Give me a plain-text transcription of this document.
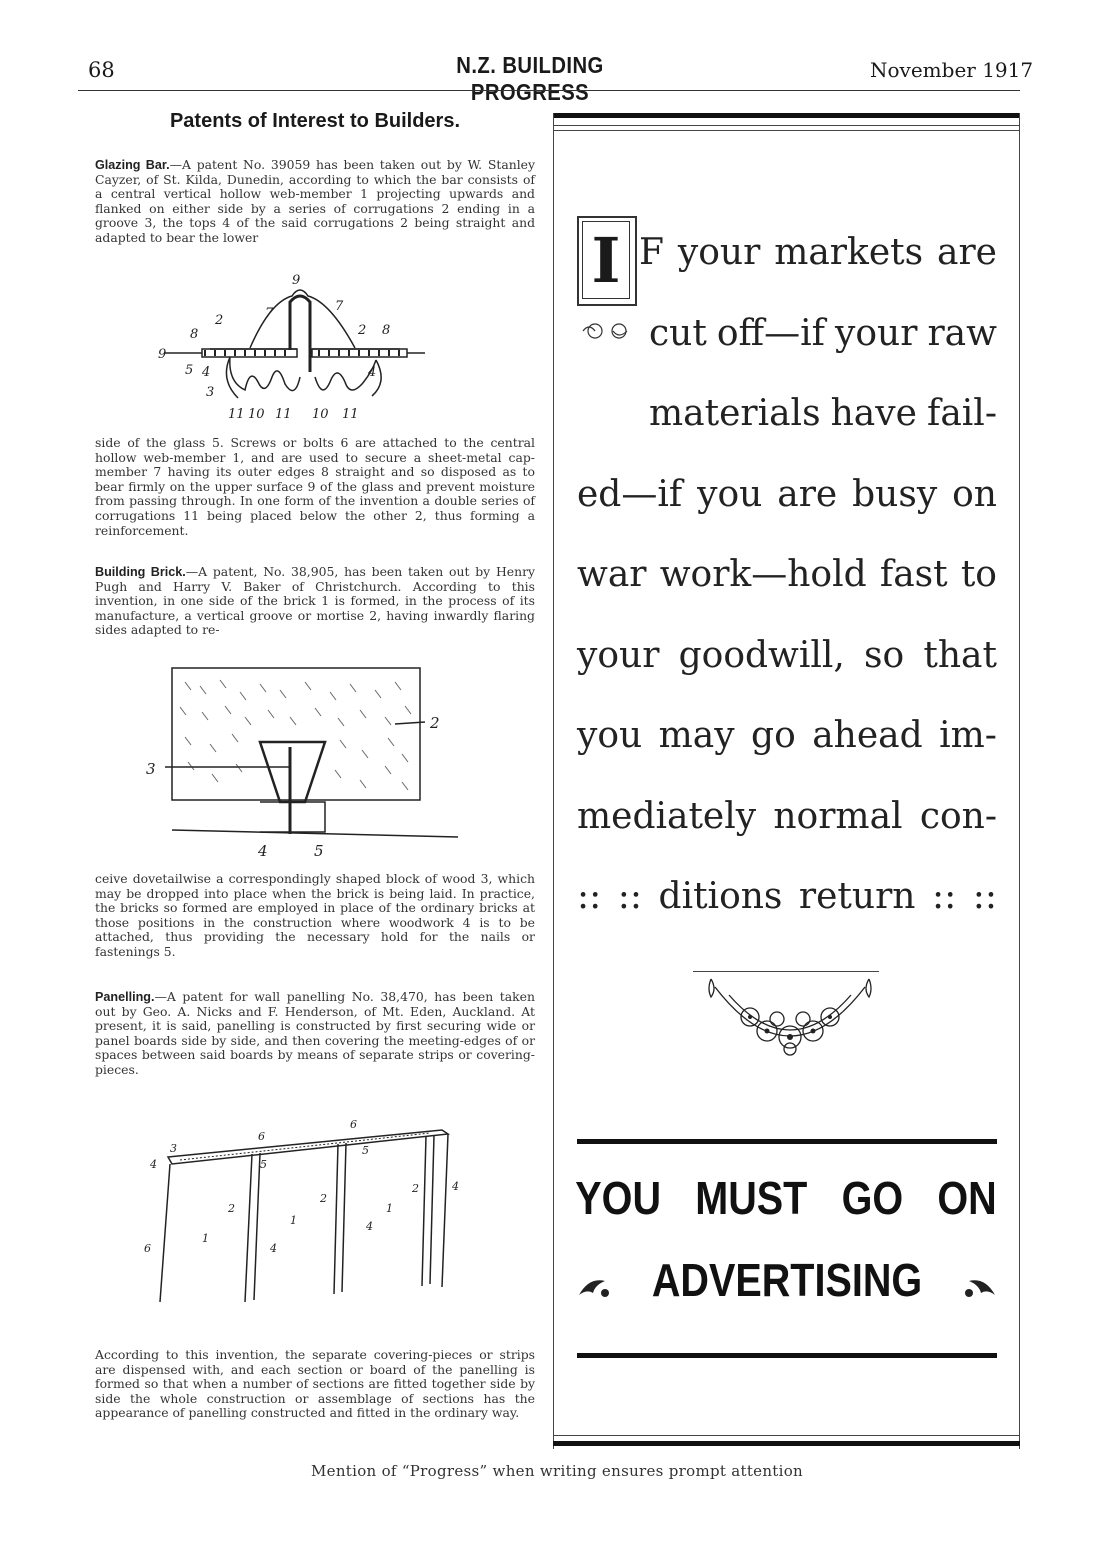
68	N.Z. BUILDING PROGRESS
November 1917
Patents of Interest to Builders.
Glazing Bar.—A patent No. 39059 has been taken out by W. Stanley Cayzer, of St. Kilda, Dunedin, according to which the bar consists of a central vertical hollow web-member 1 projecting upwards and flanked on either side by a series of corrugations 2 ending in a groove 3, the tops 4 of the said corrugations 2 being straight and adapted to bear the lower
9
7	7
2
8	2 8
9
5 4	4
3
11 10 11 10 11
side of the glass 5. Screws or bolts 6 are attached to the central hollow web-member 1, and are used to secure a sheet-metal cap-member 7 having its outer edges 8 straight and so disposed as to bear firmly on the upper surface 9 of the glass and prevent moisture from passing through. In one form of the invention a double series of corrugations 11 being placed below the other 2, thus forming a reinforcement.
Building Brick.—A patent, No. 38,905, has been taken out by Henry Pugh and Harry V. Baker of Christchurch. According to this invention, in one side of the brick 1 is formed, in the process of its manufacture, a vertical groove or mortise 2, having inwardly flaring sides adapted to re-
2
3
4	5
ceive dovetailwise a correspondingly shaped block of wood 3, which may be dropped into place when the brick is being laid. In practice, the bricks so formed are employed in place of the ordinary bricks at those positions in the construction where woodwork 4 is to be attached, thus providing the necessary hold for the nails or fastenings 5.
Panelling.—A patent for wall panelling No. 38,470, has been taken out by Geo. A. Nicks and F. Henderson, of Mt. Eden, Auckland. At present, it is said, panelling is constructed by first securing wide or panel boards side by side, and then covering the meeting-edges of or spaces between said boards by means of separate strips or covering-pieces.
3
6
6
5
5
4
2
2
2	4
1
1
1
6	4
4
According to this invention, the separate covering-pieces or strips are dispensed with, and each section or board of the panelling is formed so that when a number of sections are fitted together side by side the whole construction or assemblage of sections has the appearance of panelling constructed and fitted in the ordinary way.
I F your markets are
cut off—if your raw
materials have fail-
ed—if you are busy on
war work—hold fast to
your goodwill, so that
you may go ahead im-
mediately normal con-
:: :: ditions return :: ::
YOU MUST GO ON
ADVERTISING
Mention of “Progress” when writing ensures prompt attention
